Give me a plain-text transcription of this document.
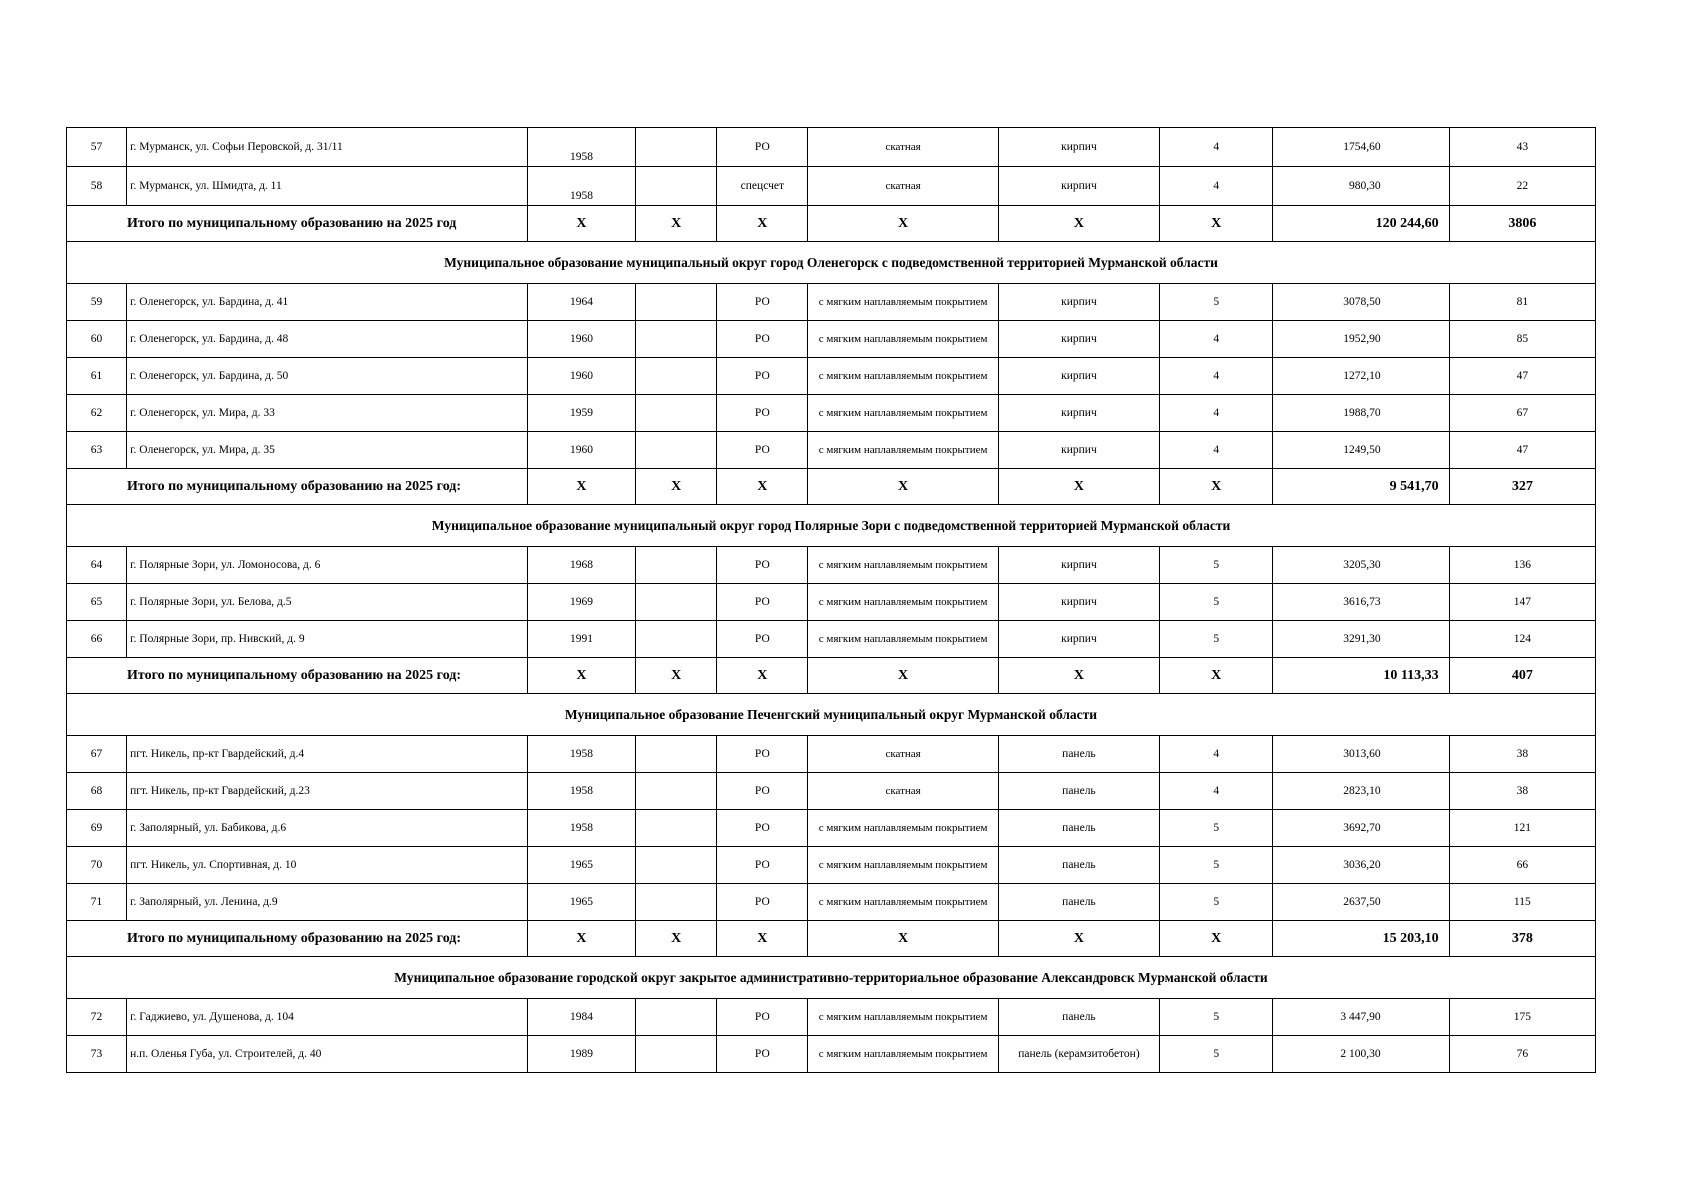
57	г. Мурманск, ул. Софьи Перовской, д. 31/11	1958		РО	скатная	кирпич	4	1754,60	43
58	г. Мурманск, ул. Шмидта, д. 11	1958		спецсчет	скатная	кирпич	4	980,30	22
Итого по муниципальному образованию на 2025 год		X	X	X	X	X	X	120 244,60	3806
Муниципальное образование муниципальный округ город Оленегорск с подведомственной территорией Мурманской области									
59	г. Оленегорск, ул. Бардина, д. 41	1964		РО	с мягким наплавляемым покрытием	кирпич	5	3078,50	81
60	г. Оленегорск, ул. Бардина, д. 48	1960		РО	с мягким наплавляемым покрытием	кирпич	4	1952,90	85
61	г. Оленегорск, ул. Бардина, д. 50	1960		РО	с мягким наплавляемым покрытием	кирпич	4	1272,10	47
62	г. Оленегорск, ул. Мира, д. 33	1959		РО	с мягким наплавляемым покрытием	кирпич	4	1988,70	67
63	г. Оленегорск, ул. Мира, д. 35	1960		РО	с мягким наплавляемым покрытием	кирпич	4	1249,50	47
Итого по муниципальному образованию на 2025 год:		X	X	X	X	X	X	9 541,70	327
Муниципальное образование муниципальный округ город Полярные Зори с подведомственной территорией Мурманской области									
64	г. Полярные Зори, ул. Ломоносова, д. 6	1968		РО	с мягким наплавляемым покрытием	кирпич	5	3205,30	136
65	г. Полярные Зори, ул. Белова, д.5	1969		РО	с мягким наплавляемым покрытием	кирпич	5	3616,73	147
66	г. Полярные Зори, пр. Нивский, д. 9	1991		РО	с мягким наплавляемым покрытием	кирпич	5	3291,30	124
Итого по муниципальному образованию на 2025 год:		X	X	X	X	X	X	10 113,33	407
Муниципальное образование Печенгский муниципальный округ Мурманской области									
67	пгт. Никель, пр-кт Гвардейский, д.4	1958		РО	скатная	панель	4	3013,60	38
68	пгт. Никель, пр-кт Гвардейский, д.23	1958		РО	скатная	панель	4	2823,10	38
69	г. Заполярный, ул. Бабикова, д.6	1958		РО	с мягким наплавляемым покрытием	панель	5	3692,70	121
70	пгт. Никель, ул. Спортивная, д. 10	1965		РО	с мягким наплавляемым покрытием	панель	5	3036,20	66
71	г. Заполярный, ул. Ленина, д.9	1965		РО	с мягким наплавляемым покрытием	панель	5	2637,50	115
Итого по муниципальному образованию на 2025 год:		X	X	X	X	X	X	15 203,10	378
Муниципальное образование городской округ закрытое административно-территориальное образование Александровск Мурманской области									
72	г. Гаджиево, ул. Душенова, д. 104	1984		РО	с мягким наплавляемым покрытием	панель	5	3 447,90	175
73	н.п. Оленья Губа, ул. Строителей, д. 40	1989		РО	с мягким наплавляемым покрытием	панель (керамзитобетон)	5	2 100,30	76
